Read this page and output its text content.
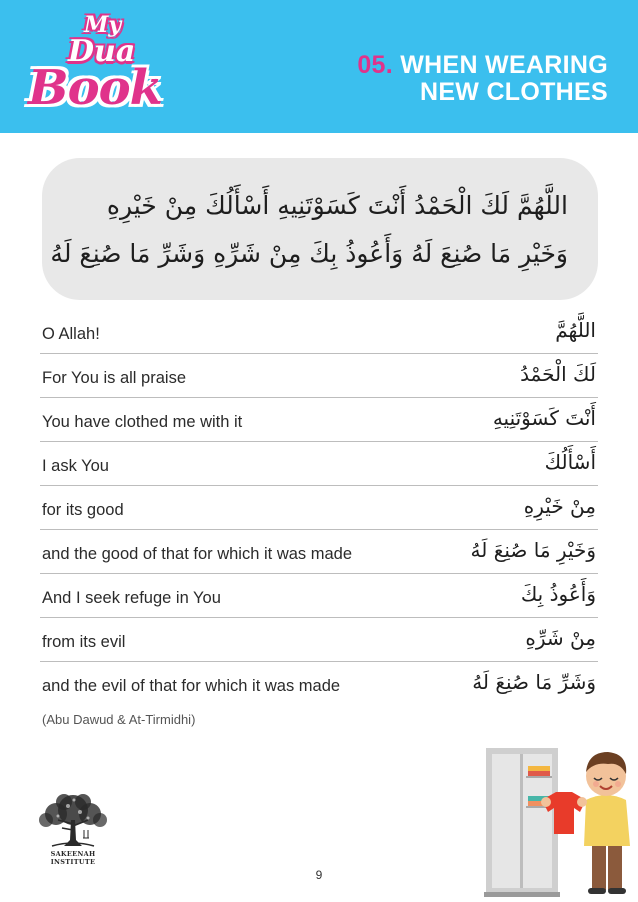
My
Dua
Book	05. WHEN WEARING
NEW CLOTHES
اللَّهُمَّ لَكَ الْحَمْدُ أَنْتَ كَسَوْتَنِيهِ أَسْأَلُكَ مِنْ خَيْرِهِ
وَخَيْرِ مَا صُنِعَ لَهُ وَأَعُوذُ بِكَ مِنْ شَرِّهِ وَشَرِّ مَا صُنِعَ لَهُ
O Allah!	اللَّهُمَّ
For You is all praise	لَكَ الْحَمْدُ
You have clothed me with it	أَنْتَ كَسَوْتَنِيهِ
I ask You	أَسْأَلُكَ
for its good	مِنْ خَيْرِهِ
and the good of that for which it was made	وَخَيْرِ مَا صُنِعَ لَهُ
And I seek refuge in You	وَأَعُوذُ بِكَ
from its evil	مِنْ شَرِّهِ
and the evil of that for which it was made	وَشَرِّ مَا صُنِعَ لَهُ
(Abu Dawud & At-Tirmidhi)
SAKEENAH INSTITUTE
9
